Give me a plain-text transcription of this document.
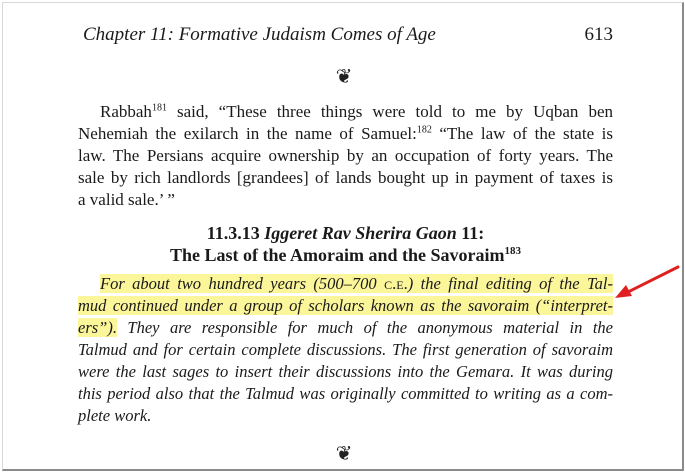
Chapter 11: Formative Judaism Comes of Age	613
❦
Rabbah$^{181}$ said, “These three things were told to me by Uqban ben
Nehemiah the exilarch in the name of Samuel:$^{182}$ “The law of the state is
law. The Persians acquire ownership by an occupation of forty years. The
sale by rich landlords [grandees] of lands bought up in payment of taxes is
a valid sale.’ ”
11.3.13 Iggeret Rav Sherira Gaon 11:
The Last of the Amoraim and the Savoraim$^{183}$
For about two hundred years (500–700 c.e.) the final editing of the Tal-
mud continued under a group of scholars known as the savoraim (“interpret-
ers”). They are responsible for much of the anonymous material in the
Talmud and for certain complete discussions. The first generation of savoraim
were the last sages to insert their discussions into the Gemara. It was during
this period also that the Talmud was originally committed to writing as a com-
plete work.
❦
